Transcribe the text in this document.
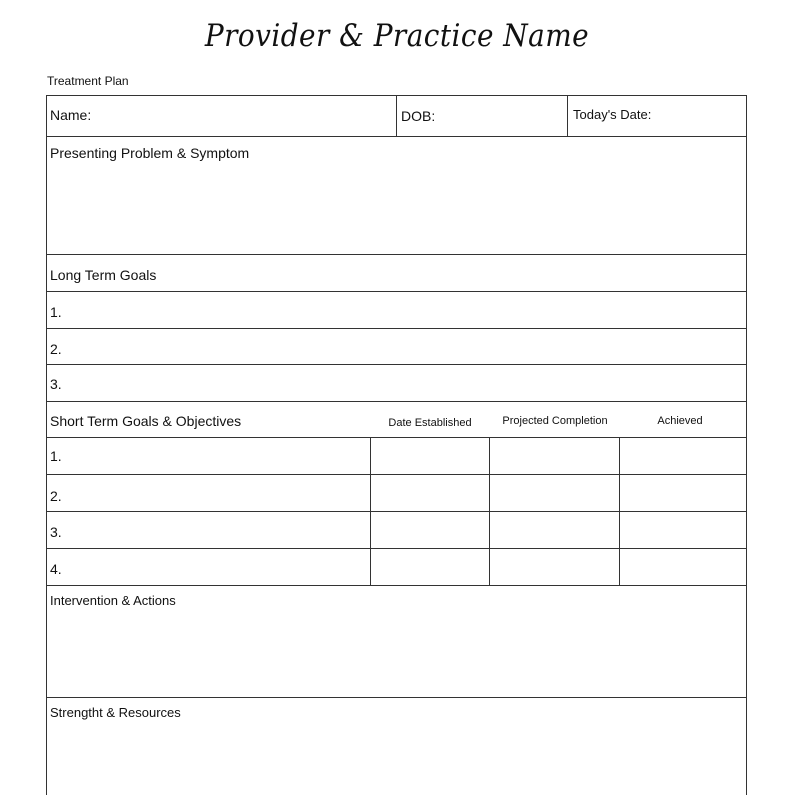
Provider & Practice Name
Treatment Plan
Name:	DOB:	Today's Date:
Presenting Problem & Symptom
Long Term Goals
1.
2.
3.
Short Term Goals & Objectives	Date Established	Projected Completion	Achieved
1.
2.
3.
4.
Intervention & Actions
Strengtht & Resources
